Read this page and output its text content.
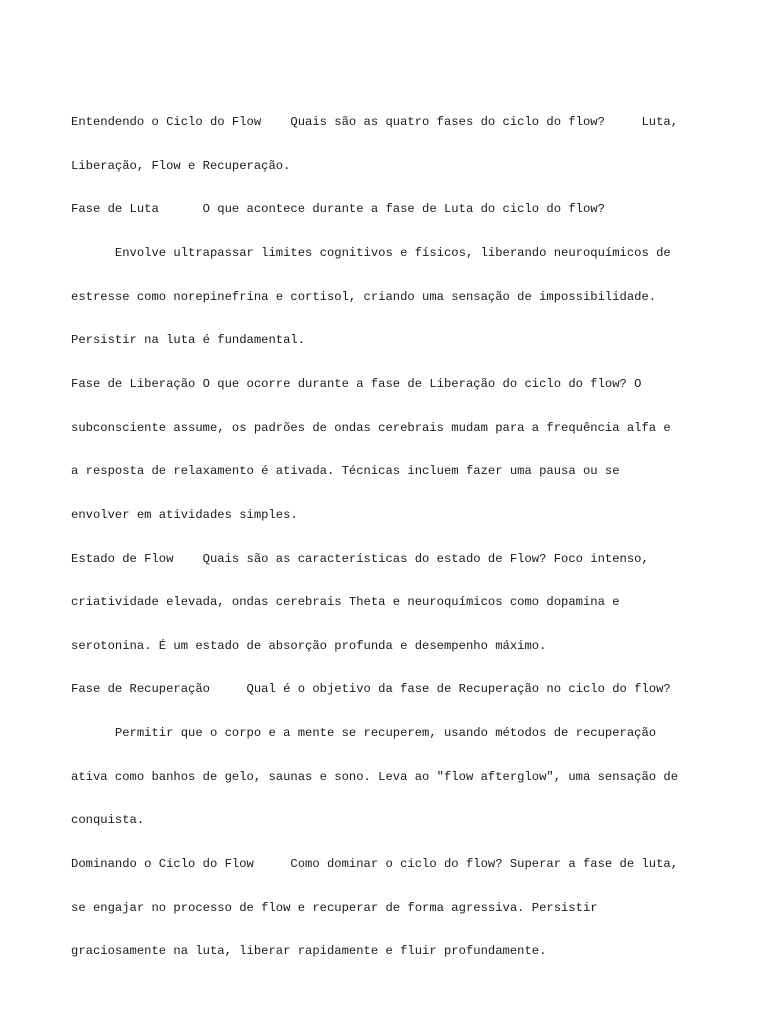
Entendendo o Ciclo do Flow    Quais são as quatro fases do ciclo do flow?     Luta,

Liberação, Flow e Recuperação.

Fase de Luta      O que acontece durante a fase de Luta do ciclo do flow?

Envolve ultrapassar limites cognitivos e físicos, liberando neuroquímicos de

estresse como norepinefrina e cortisol, criando uma sensação de impossibilidade.

Persistir na luta é fundamental.

Fase de Liberação O que ocorre durante a fase de Liberação do ciclo do flow? O

subconsciente assume, os padrões de ondas cerebrais mudam para a frequência alfa e

a resposta de relaxamento é ativada. Técnicas incluem fazer uma pausa ou se

envolver em atividades simples.

Estado de Flow    Quais são as características do estado de Flow? Foco intenso,

criatividade elevada, ondas cerebrais Theta e neuroquímicos como dopamina e

serotonina. É um estado de absorção profunda e desempenho máximo.

Fase de Recuperação     Qual é o objetivo da fase de Recuperação no ciclo do flow?

Permitir que o corpo e a mente se recuperem, usando métodos de recuperação

ativa como banhos de gelo, saunas e sono. Leva ao "flow afterglow", uma sensação de

conquista.

Dominando o Ciclo do Flow     Como dominar o ciclo do flow? Superar a fase de luta,

se engajar no processo de flow e recuperar de forma agressiva. Persistir

graciosamente na luta, liberar rapidamente e fluir profundamente.
